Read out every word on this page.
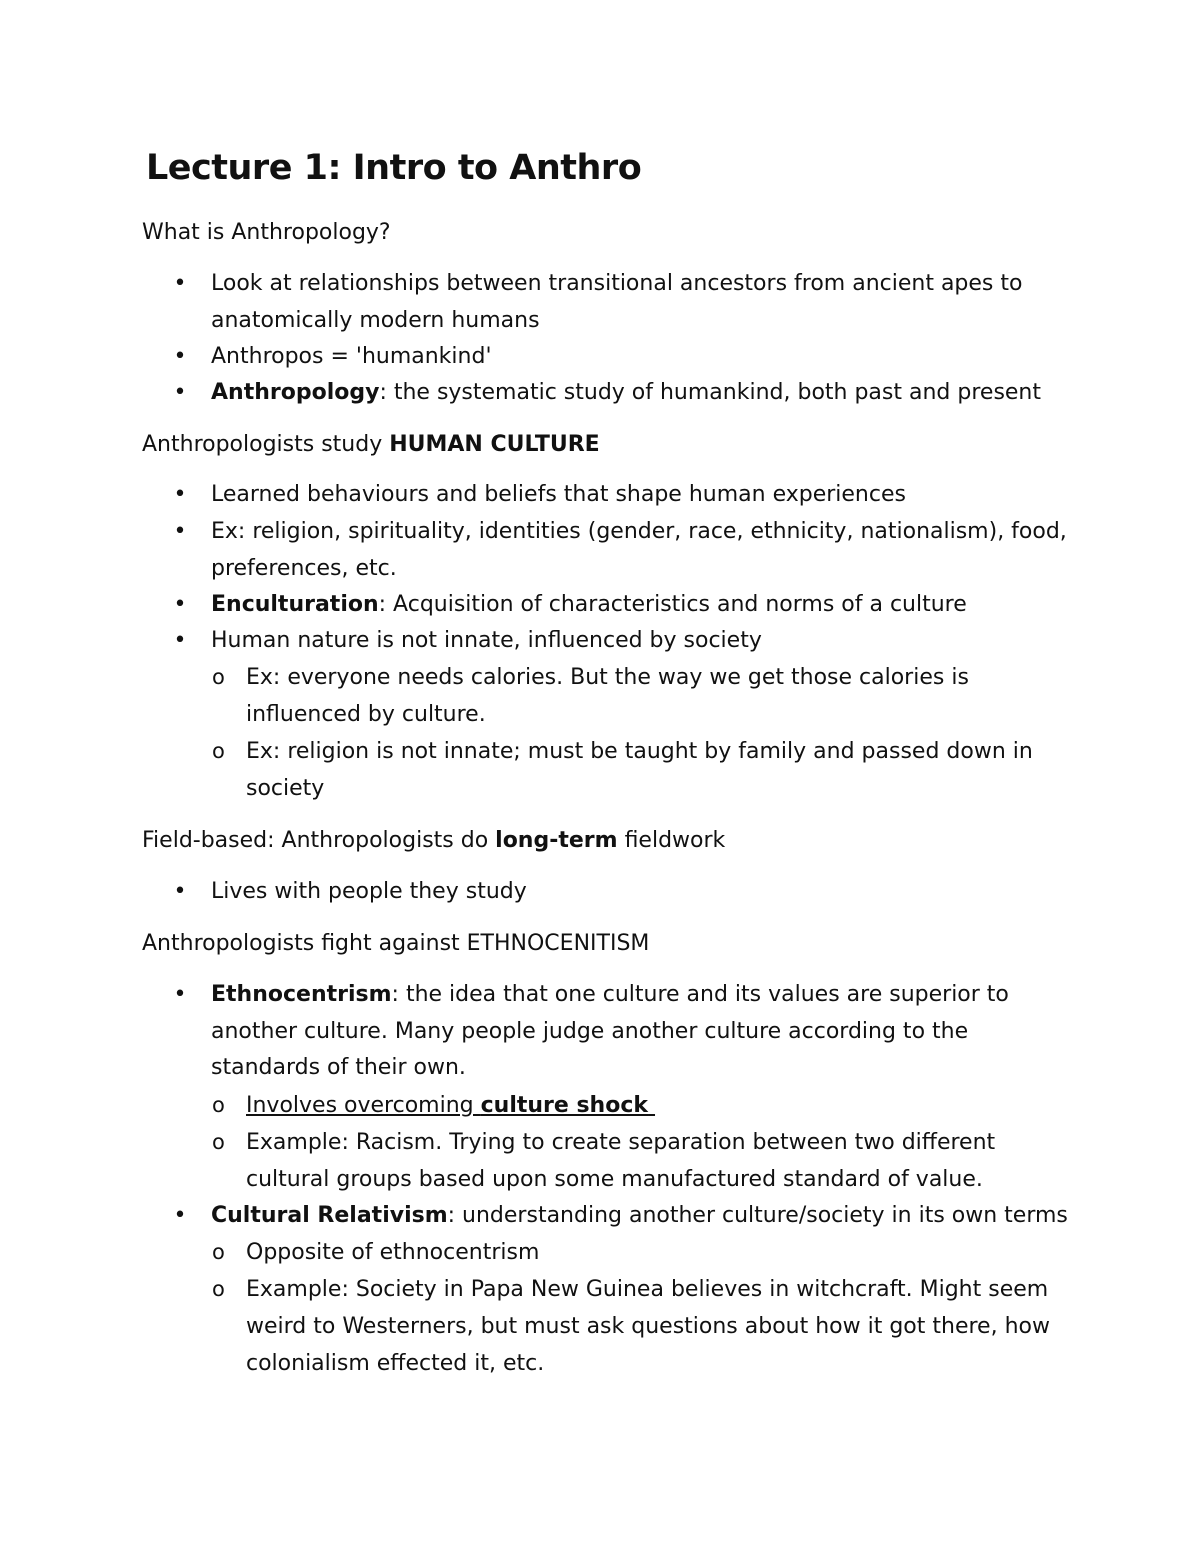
Lecture 1: Intro to Anthro

What is Anthropology?

• Look at relationships between transitional ancestors from ancient apes to anatomically modern humans
• Anthropos = 'humankind'
• Anthropology: the systematic study of humankind, both past and present

Anthropologists study HUMAN CULTURE

• Learned behaviours and beliefs that shape human experiences
• Ex: religion, spirituality, identities (gender, race, ethnicity, nationalism), food, preferences, etc.
• Enculturation: Acquisition of characteristics and norms of a culture
• Human nature is not innate, influenced by society
o Ex: everyone needs calories. But the way we get those calories is influenced by culture.
o Ex: religion is not innate; must be taught by family and passed down in society

Field-based: Anthropologists do long-term fieldwork

• Lives with people they study

Anthropologists fight against ETHNOCENITISM

• Ethnocentrism: the idea that one culture and its values are superior to another culture. Many people judge another culture according to the standards of their own.
o Involves overcoming culture shock
o Example: Racism. Trying to create separation between two different cultural groups based upon some manufactured standard of value.
• Cultural Relativism: understanding another culture/society in its own terms
o Opposite of ethnocentrism
o Example: Society in Papa New Guinea believes in witchcraft. Might seem weird to Westerners, but must ask questions about how it got there, how colonialism effected it, etc.
